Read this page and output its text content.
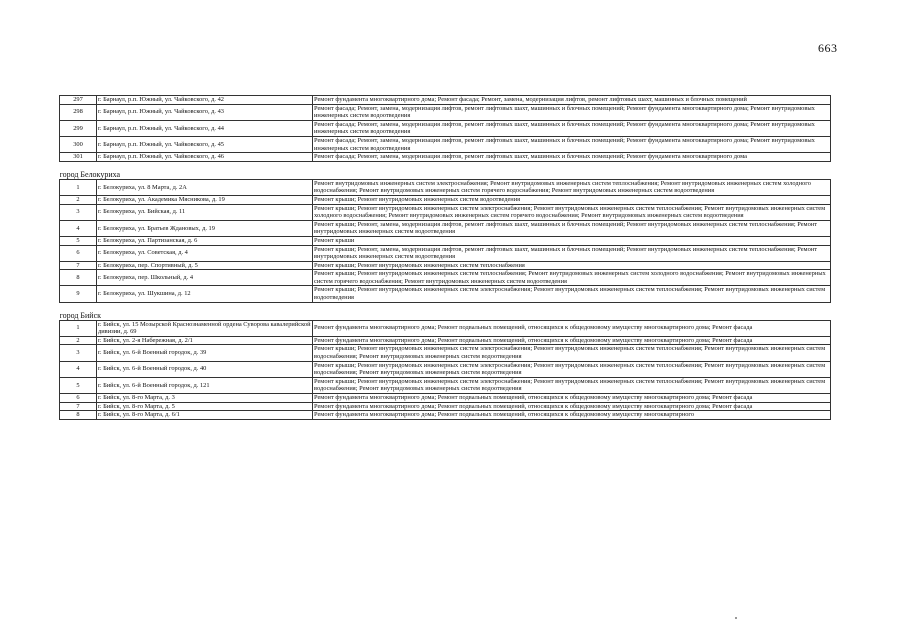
663
297	г. Барнаул, р.п. Южный, ул. Чайковского, д. 42	Ремонт фундамента многоквартирного дома; Ремонт фасада; Ремонт, замена, модернизация лифтов, ремонт лифтовых шахт, машинных и блочных помещений
298	г. Барнаул, р.п. Южный, ул. Чайковского, д. 43	Ремонт фасада; Ремонт, замена, модернизация лифтов, ремонт лифтовых шахт, машинных и блочных помещений; Ремонт фундамента многоквартирного дома; Ремонт внутридомовых инженерных систем водоотведения
299	г. Барнаул, р.п. Южный, ул. Чайковского, д. 44	Ремонт фасада; Ремонт, замена, модернизация лифтов, ремонт лифтовых шахт, машинных и блочных помещений; Ремонт фундамента многоквартирного дома; Ремонт внутридомовых инженерных систем водоотведения
300	г. Барнаул, р.п. Южный, ул. Чайковского, д. 45	Ремонт фасада; Ремонт, замена, модернизация лифтов, ремонт лифтовых шахт, машинных и блочных помещений; Ремонт фундамента многоквартирного дома; Ремонт внутридомовых инженерных систем водоотведения
301	г. Барнаул, р.п. Южный, ул. Чайковского, д. 46	Ремонт фасада; Ремонт, замена, модернизация лифтов, ремонт лифтовых шахт, машинных и блочных помещений; Ремонт фундамента многоквартирного дома
город Белокуриха		
1	г. Белокуриха, ул. 8 Марта, д. 2А	Ремонт внутридомовых инженерных систем электроснабжения; Ремонт внутридомовых инженерных систем теплоснабжения; Ремонт внутридомовых инженерных систем холодного водоснабжения; Ремонт внутридомовых инженерных систем горячего водоснабжения; Ремонт внутридомовых инженерных систем водоотведения
2	г. Белокуриха, ул. Академика Мясникова, д. 19	Ремонт крыши; Ремонт внутридомовых инженерных систем водоотведения
3	г. Белокуриха, ул. Бийская, д. 11	Ремонт крыши; Ремонт внутридомовых инженерных систем электроснабжения; Ремонт внутридомовых инженерных систем теплоснабжения; Ремонт внутридомовых инженерных систем холодного водоснабжения; Ремонт внутридомовых инженерных систем горячего водоснабжения; Ремонт внутридомовых инженерных систем водоотведения
4	г. Белокуриха, ул. Братьев Ждановых, д. 19	Ремонт крыши; Ремонт, замена, модернизация лифтов, ремонт лифтовых шахт, машинных и блочных помещений; Ремонт внутридомовых инженерных систем теплоснабжения; Ремонт внутридомовых инженерных систем водоотведения
5	г. Белокуриха, ул. Партизанская, д. 6	Ремонт крыши
6	г. Белокуриха, ул. Советская, д. 4	Ремонт крыши; Ремонт, замена, модернизация лифтов, ремонт лифтовых шахт, машинных и блочных помещений; Ремонт внутридомовых инженерных систем теплоснабжения; Ремонт внутридомовых инженерных систем водоотведения
7	г. Белокуриха, пер. Спортивный, д. 5	Ремонт крыши; Ремонт внутридомовых инженерных систем теплоснабжения
8	г. Белокуриха, пер. Школьный, д. 4	Ремонт крыши; Ремонт внутридомовых инженерных систем теплоснабжения; Ремонт внутридомовых инженерных систем холодного водоснабжения; Ремонт внутридомовых инженерных систем горячего водоснабжения; Ремонт внутридомовых инженерных систем водоотведения
9	г. Белокуриха, ул. Шукшина, д. 12	Ремонт крыши; Ремонт внутридомовых инженерных систем электроснабжения; Ремонт внутридомовых инженерных систем теплоснабжения; Ремонт внутридомовых инженерных систем водоотведения
город Бийск		
1	г. Бийск, ул. 15 Мозырской Краснознаменной ордена Суворова кавалерийской дивизии, д. 69	Ремонт фундамента многоквартирного дома; Ремонт подвальных помещений, относящихся к общедомовому имуществу многоквартирного дома; Ремонт фасада
2	г. Бийск, ул. 2-я Набережная, д. 2/1	Ремонт фундамента многоквартирного дома; Ремонт подвальных помещений, относящихся к общедомовому имуществу многоквартирного дома; Ремонт фасада
3	г. Бийск, ул. 6-й Военный городок, д. 39	Ремонт крыши; Ремонт внутридомовых инженерных систем электроснабжения; Ремонт внутридомовых инженерных систем теплоснабжения; Ремонт внутридомовых инженерных систем водоснабжения; Ремонт внутридомовых инженерных систем водоотведения
4	г. Бийск, ул. 6-й Военный городок, д. 40	Ремонт крыши; Ремонт внутридомовых инженерных систем электроснабжения; Ремонт внутридомовых инженерных систем теплоснабжения; Ремонт внутридомовых инженерных систем водоснабжения; Ремонт внутридомовых инженерных систем водоотведения
5	г. Бийск, ул. 6-й Военный городок, д. 121	Ремонт крыши; Ремонт внутридомовых инженерных систем электроснабжения; Ремонт внутридомовых инженерных систем теплоснабжения; Ремонт внутридомовых инженерных систем водоснабжения; Ремонт внутридомовых инженерных систем водоотведения
6	г. Бийск, ул. 8-го Марта, д. 3	Ремонт фундамента многоквартирного дома; Ремонт подвальных помещений, относящихся к общедомовому имуществу многоквартирного дома; Ремонт фасада
7	г. Бийск, ул. 8-го Марта, д. 5	Ремонт фундамента многоквартирного дома; Ремонт подвальных помещений, относящихся к общедомовому имуществу многоквартирного дома; Ремонт фасада
8	г. Бийск, ул. 8-го Марта, д. 6/1	Ремонт фундамента многоквартирного дома; Ремонт подвальных помещений, относящихся к общедомовому имуществу многоквартирного
